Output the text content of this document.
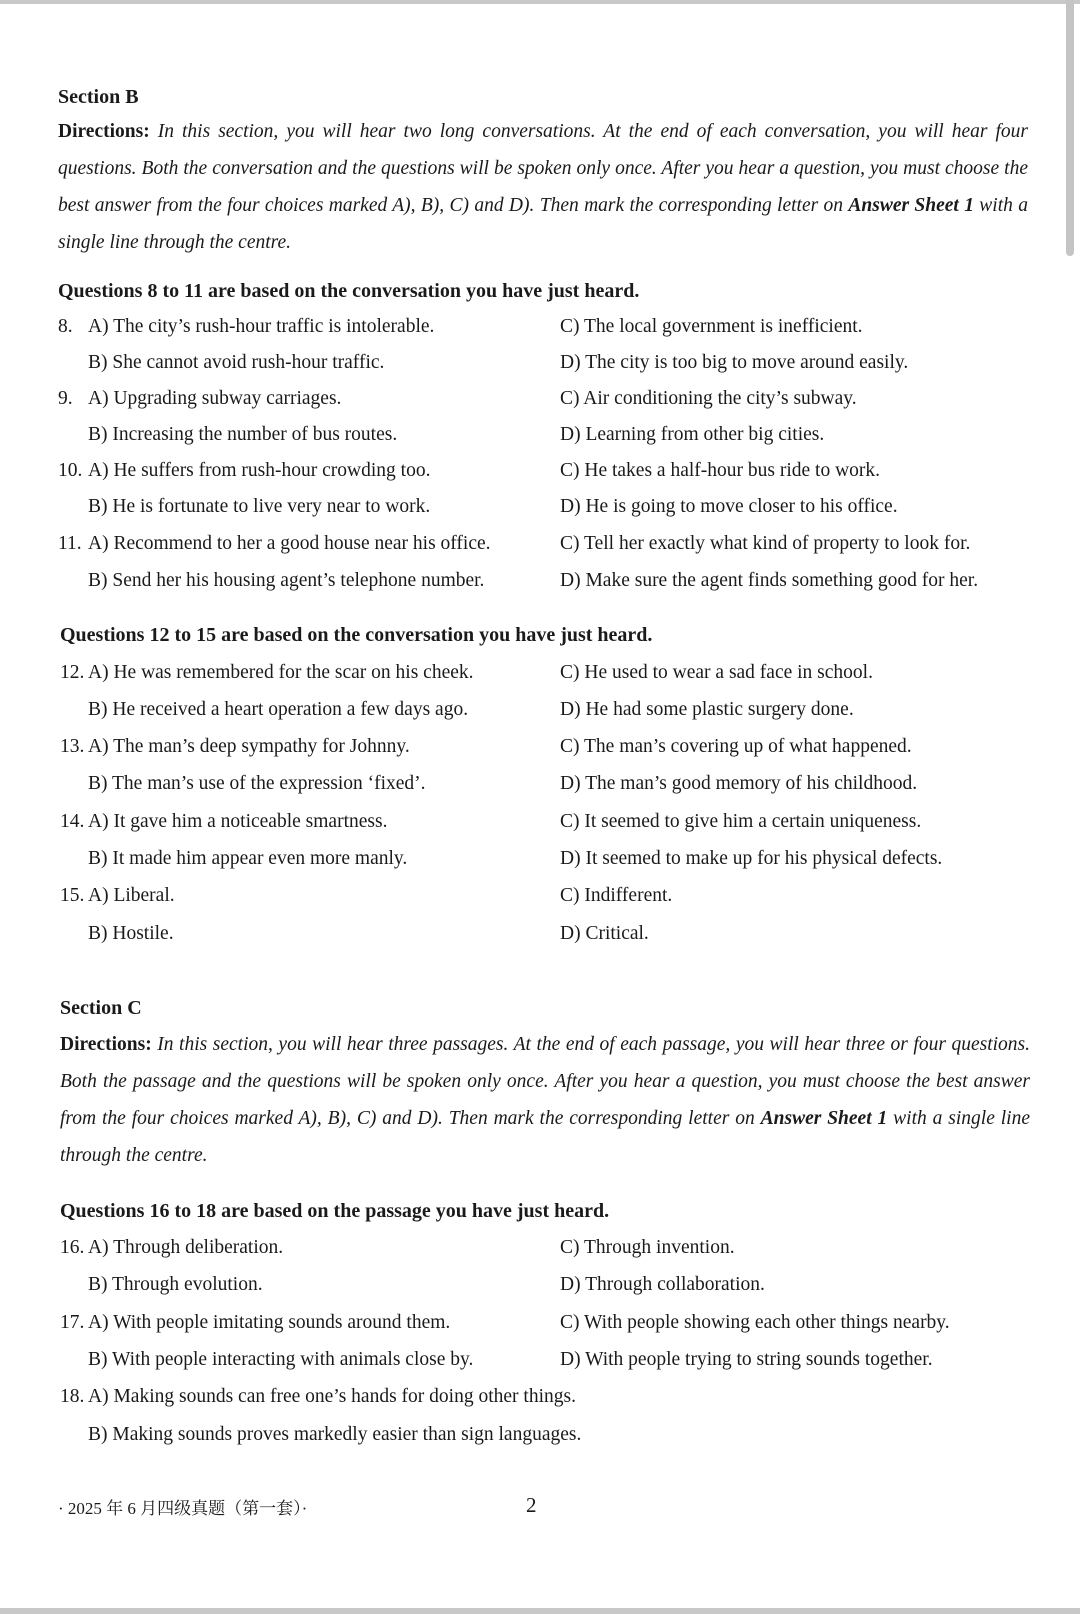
Section B
Directions: In this section, you will hear two long conversations. At the end of each conversation, you will hear four questions. Both the conversation and the questions will be spoken only once. After you hear a question, you must choose the best answer from the four choices marked A), B), C) and D). Then mark the corresponding letter on Answer Sheet 1 with a single line through the centre.
Questions 8 to 11 are based on the conversation you have just heard.
8. A) The city’s rush-hour traffic is intolerable.	C) The local government is inefficient.
B) She cannot avoid rush-hour traffic.	D) The city is too big to move around easily.
9. A) Upgrading subway carriages.	C) Air conditioning the city’s subway.
B) Increasing the number of bus routes.	D) Learning from other big cities.
10. A) He suffers from rush-hour crowding too.	C) He takes a half-hour bus ride to work.
B) He is fortunate to live very near to work.	D) He is going to move closer to his office.
11. A) Recommend to her a good house near his office.	C) Tell her exactly what kind of property to look for.
B) Send her his housing agent’s telephone number.	D) Make sure the agent finds something good for her.
Questions 12 to 15 are based on the conversation you have just heard.
12. A) He was remembered for the scar on his cheek.	C) He used to wear a sad face in school.
B) He received a heart operation a few days ago.	D) He had some plastic surgery done.
13. A) The man’s deep sympathy for Johnny.	C) The man’s covering up of what happened.
B) The man’s use of the expression ‘fixed’.	D) The man’s good memory of his childhood.
14. A) It gave him a noticeable smartness.	C) It seemed to give him a certain uniqueness.
B) It made him appear even more manly.	D) It seemed to make up for his physical defects.
15. A) Liberal.	C) Indifferent.
B) Hostile.	D) Critical.
Section C
Directions: In this section, you will hear three passages. At the end of each passage, you will hear three or four questions. Both the passage and the questions will be spoken only once. After you hear a question, you must choose the best answer from the four choices marked A), B), C) and D). Then mark the corresponding letter on Answer Sheet 1 with a single line through the centre.
Questions 16 to 18 are based on the passage you have just heard.
16. A) Through deliberation.	C) Through invention.
B) Through evolution.	D) Through collaboration.
17. A) With people imitating sounds around them.	C) With people showing each other things nearby.
B) With people interacting with animals close by.	D) With people trying to string sounds together.
18. A) Making sounds can free one’s hands for doing other things.
B) Making sounds proves markedly easier than sign languages.
· 2025 年 6 月四级真题（第一套）·	2
